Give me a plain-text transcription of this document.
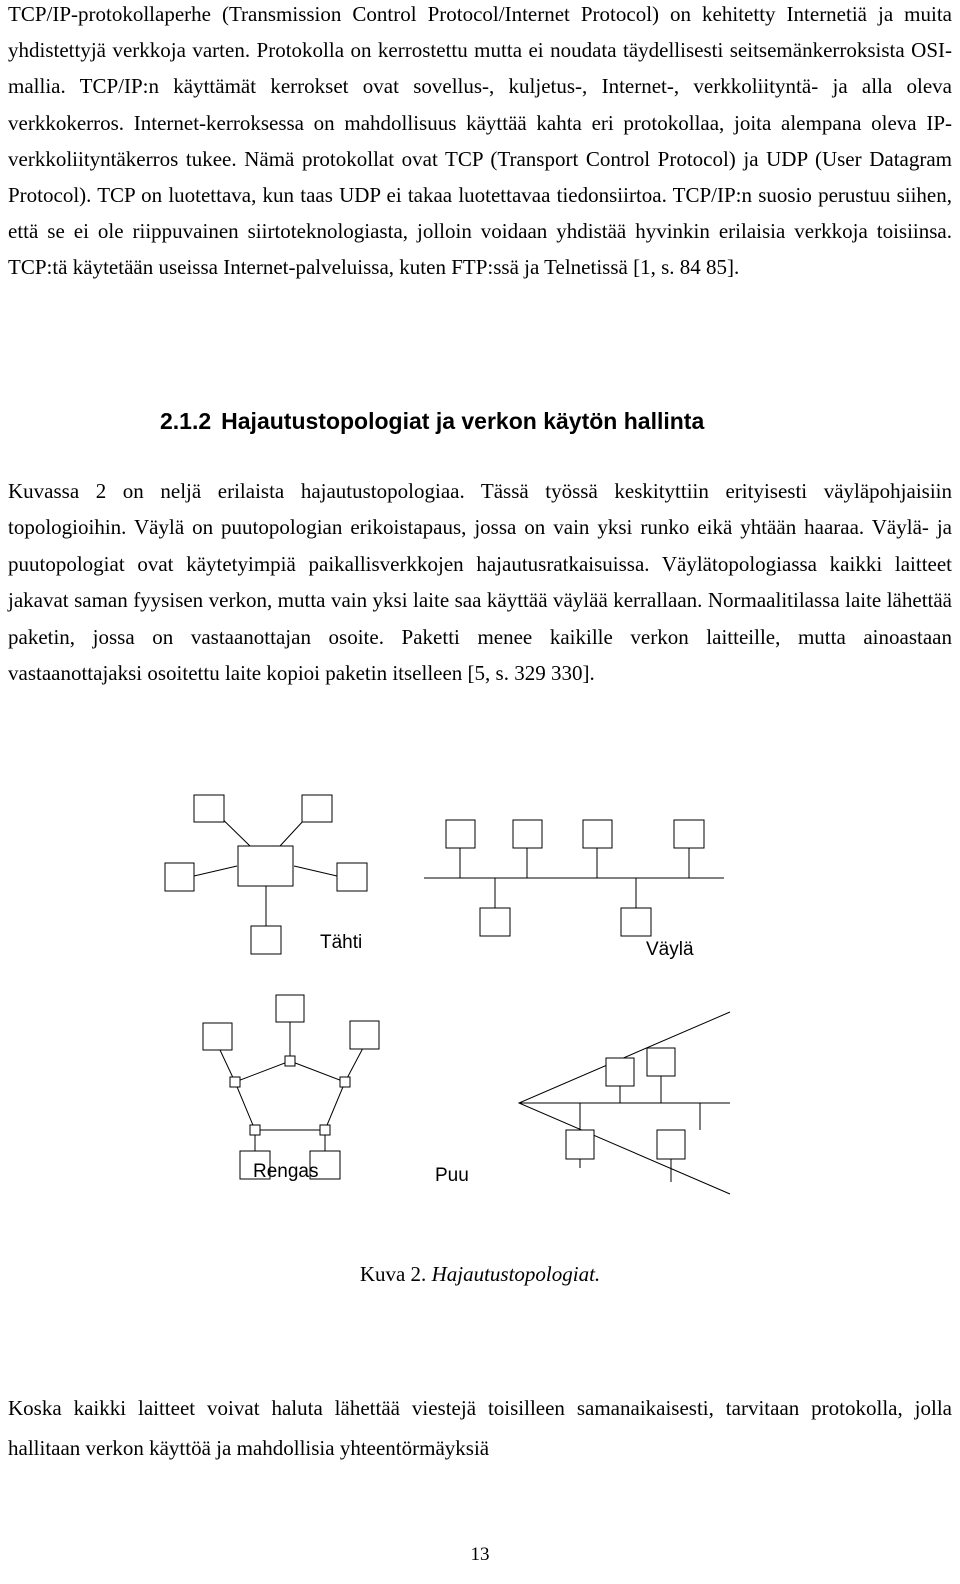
TCP/IP-protokollaperhe (Transmission Control Protocol/Internet Protocol) on kehitetty Internetiä ja muita yhdistettyjä verkkoja varten. Protokolla on kerrostettu mutta ei noudata täydellisesti seitsemänkerroksista OSI-mallia. TCP/IP:n käyttämät kerrokset ovat sovellus-, kuljetus-, Internet-, verkkoliityntä- ja alla oleva verkkokerros. Internet-kerroksessa on mahdollisuus käyttää kahta eri protokollaa, joita alempana oleva IP-verkkoliityntäkerros tukee. Nämä protokollat ovat TCP (Transport Control Protocol) ja UDP (User Datagram Protocol). TCP on luotettava, kun taas UDP ei takaa luotettavaa tiedonsiirtoa. TCP/IP:n suosio perustuu siihen, että se ei ole riippuvainen siirtoteknologiasta, jolloin voidaan yhdistää hyvinkin erilaisia verkkoja toisiinsa. TCP:tä käytetään useissa Internet-palveluissa, kuten FTP:ssä ja Telnetissä [1, s. 84 85].

2.1.2 Hajautustopologiat ja verkon käytön hallinta

Kuvassa 2 on neljä erilaista hajautustopologiaa. Tässä työssä keskityttiin erityisesti väyläpohjaisiin topologioihin. Väylä on puutopologian erikoistapaus, jossa on vain yksi runko eikä yhtään haaraa. Väylä- ja puutopologiat ovat käytetyimpiä paikallisverkkojen hajautusratkaisuissa. Väylätopologiassa kaikki laitteet jakavat saman fyysisen verkon, mutta vain yksi laite saa käyttää väylää kerrallaan. Normaalitilassa laite lähettää paketin, jossa on vastaanottajan osoite. Paketti menee kaikille verkon laitteille, mutta ainoastaan vastaanottajaksi osoitettu laite kopioi paketin itselleen [5, s. 329 330].

Tähti	Väylä
Rengas	Puu

Kuva 2. Hajautustopologiat.

Koska kaikki laitteet voivat haluta lähettää viestejä toisilleen samanaikaisesti, tarvitaan protokolla, jolla hallitaan verkon käyttöä ja mahdollisia yhteentörmäyksiä

13
